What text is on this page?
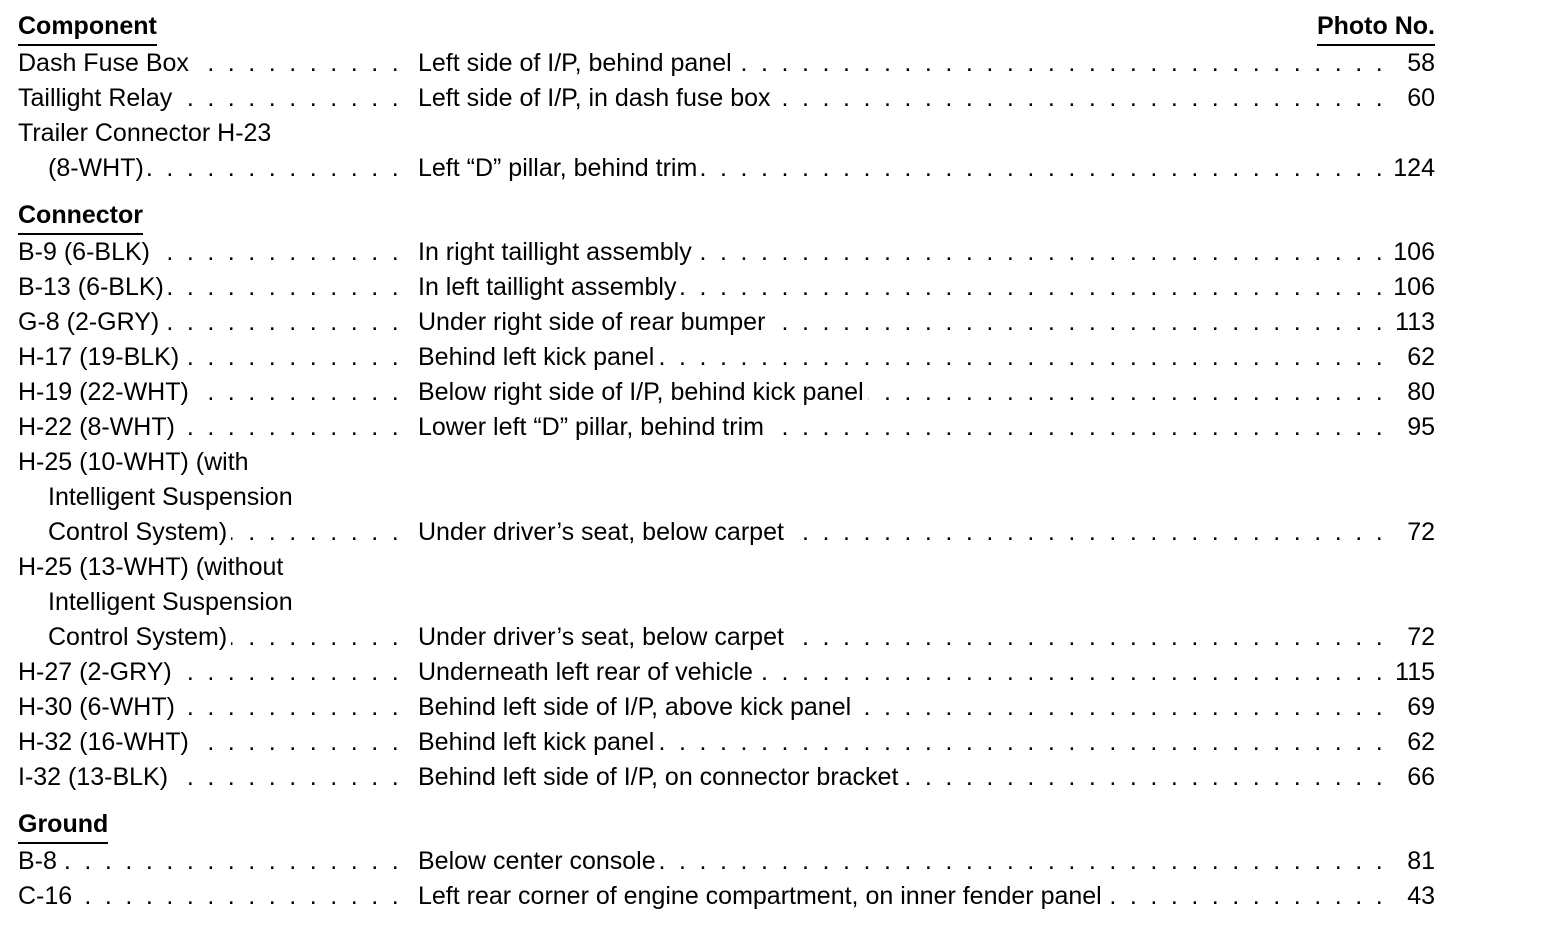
Component	Photo No.
Dash Fuse Box . . .	Left side of I/P, behind panel . . .	58
Taillight Relay . . .	Left side of I/P, in dash fuse box . . .	60
Trailer Connector H-23
(8-WHT) . . .	Left “D” pillar, behind trim . . .	124
Connector
B-9 (6-BLK) . . .	In right taillight assembly . . .	106
B-13 (6-BLK) . . .	In left taillight assembly . . .	106
G-8 (2-GRY) . . .	Under right side of rear bumper . . .	113
H-17 (19-BLK) . . .	Behind left kick panel . . .	62
H-19 (22-WHT) . . .	Below right side of I/P, behind kick panel . . .	80
H-22 (8-WHT) . . .	Lower left “D” pillar, behind trim . . .	95
H-25 (10-WHT) (with
Intelligent Suspension
Control System) . . .	Under driver’s seat, below carpet . . .	72
H-25 (13-WHT) (without
Intelligent Suspension
Control System) . . .	Under driver’s seat, below carpet . . .	72
H-27 (2-GRY) . . .	Underneath left rear of vehicle . . .	115
H-30 (6-WHT) . . .	Behind left side of I/P, above kick panel . . .	69
H-32 (16-WHT) . . .	Behind left kick panel . . .	62
I-32 (13-BLK) . . .	Behind left side of I/P, on connector bracket . . .	66
Ground
B-8 . . .	Below center console . . .	81
C-16 . . .	Left rear corner of engine compartment, on inner fender panel . . .	43
